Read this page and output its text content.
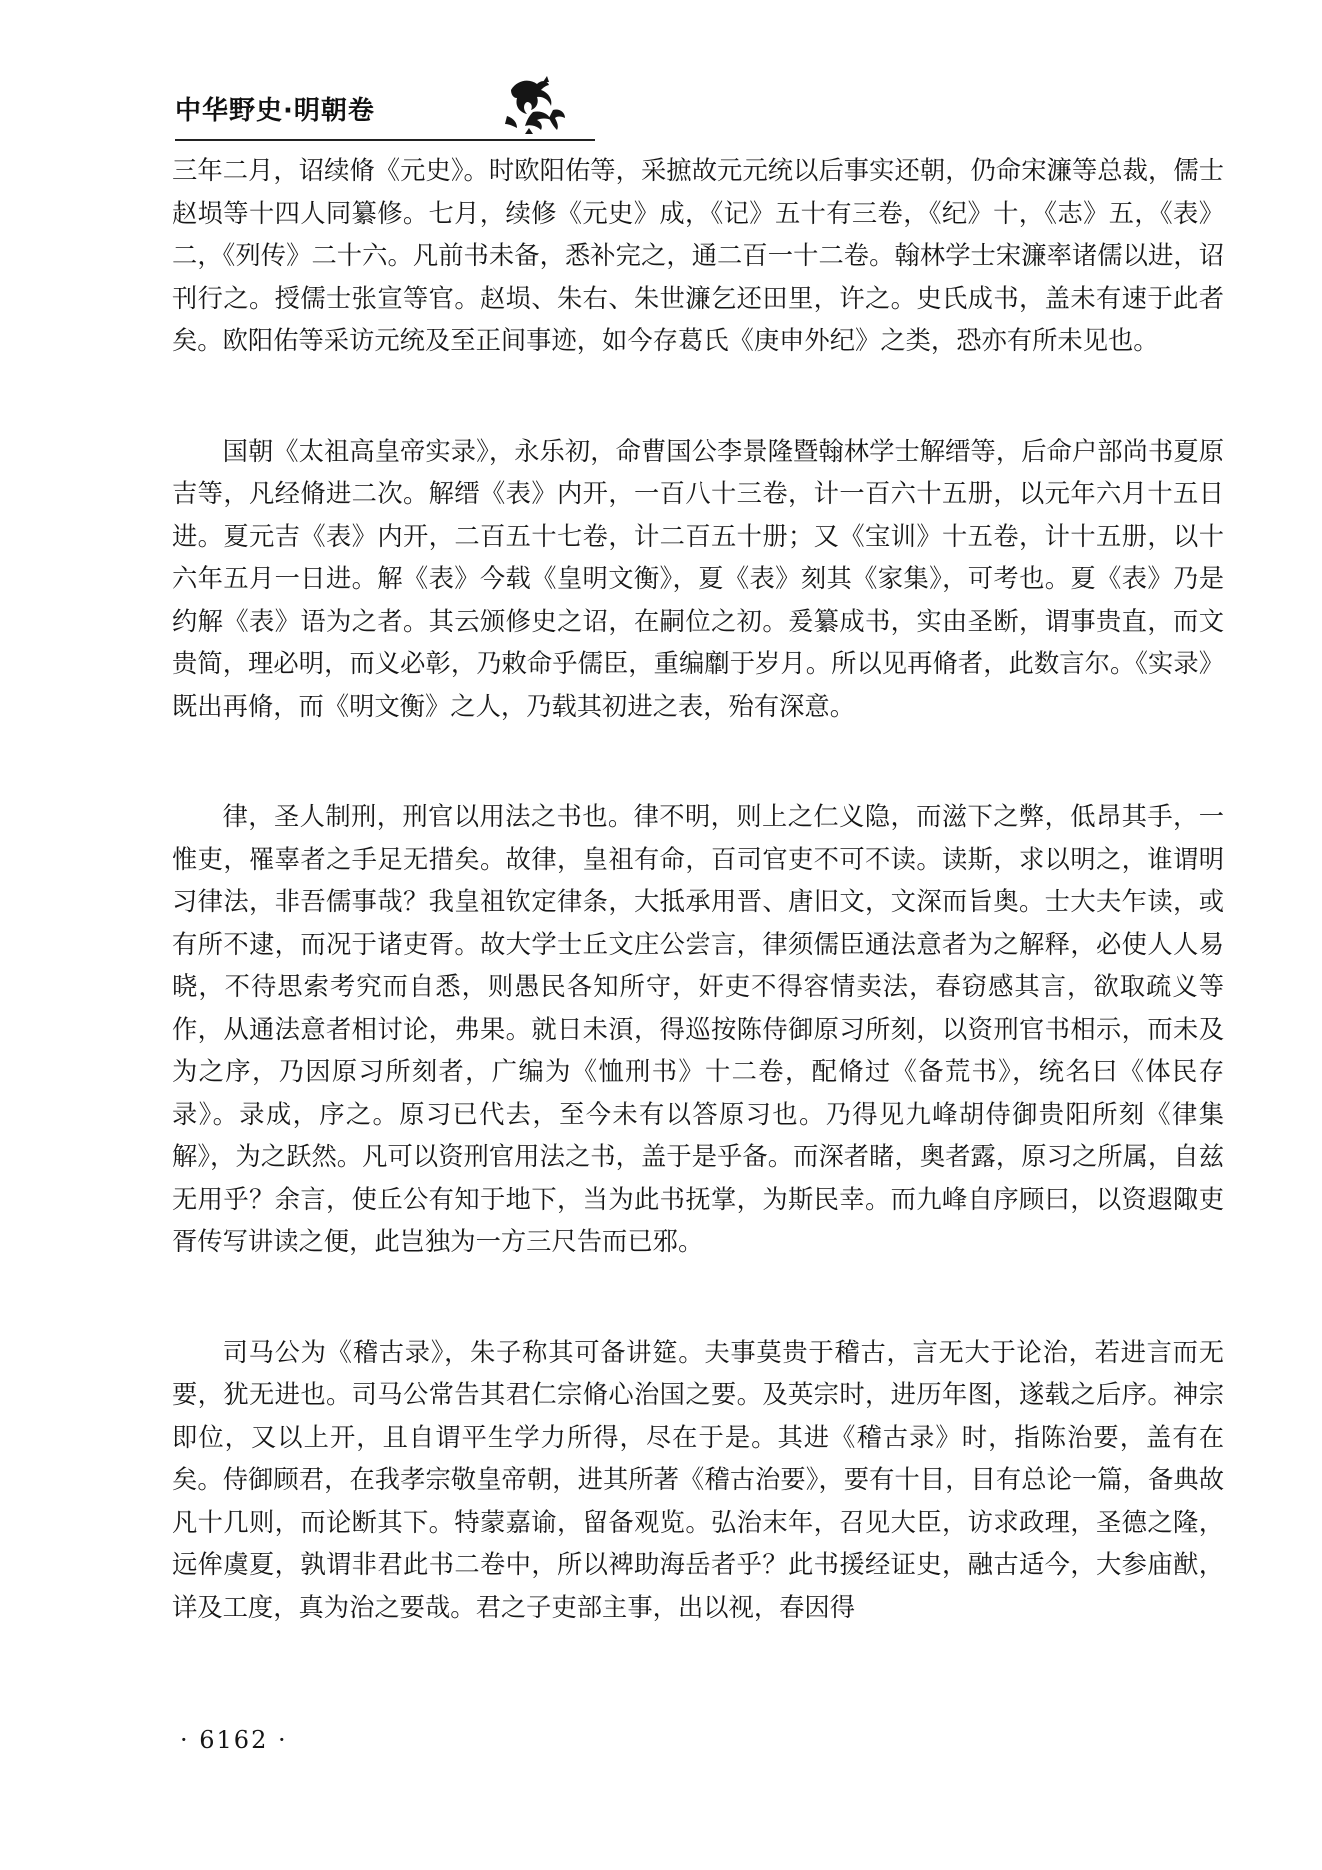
中华野史·明朝卷

三年二月，诏续脩《元史》。时欧阳佑等，采摭故元元统以后事实还朝，仍命宋濂等总裁，儒士赵埙等十四人同纂修。七月，续修《元史》成，《记》五十有三卷，《纪》十，《志》五，《表》二，《列传》二十六。凡前书未备，悉补完之，通二百一十二卷。翰林学士宋濂率诸儒以进，诏刊行之。授儒士张宣等官。赵埙、朱右、朱世濂乞还田里，许之。史氏成书，盖未有速于此者矣。欧阳佑等采访元统及至正间事迹，如今存葛氏《庚申外纪》之类，恐亦有所未见也。

国朝《太祖高皇帝实录》，永乐初，命曹国公李景隆暨翰林学士解缙等，后命户部尚书夏原吉等，凡经脩进二次。解缙《表》内开，一百八十三卷，计一百六十五册，以元年六月十五日进。夏元吉《表》内开，二百五十七卷，计二百五十册；又《宝训》十五卷，计十五册，以十六年五月一日进。解《表》今载《皇明文衡》，夏《表》刻其《家集》，可考也。夏《表》乃是约解《表》语为之者。其云颁修史之诏，在嗣位之初。爰纂成书，实由圣断，谓事贵直，而文贵简，理必明，而义必彰，乃敕命乎儒臣，重编劘于岁月。所以见再脩者，此数言尔。《实录》既出再脩，而《明文衡》之人，乃载其初进之表，殆有深意。

律，圣人制刑，刑官以用法之书也。律不明，则上之仁义隐，而滋下之弊，低昂其手，一惟吏，罹辜者之手足无措矣。故律，皇祖有命，百司官吏不可不读。读斯，求以明之，谁谓明习律法，非吾儒事哉？我皇祖钦定律条，大抵承用晋、唐旧文，文深而旨奥。士大夫乍读，或有所不逮，而况于诸吏胥。故大学士丘文庄公尝言，律须儒臣通法意者为之解释，必使人人易晓，不待思索考究而自悉，则愚民各知所守，奸吏不得容情卖法，春窃感其言，欲取疏义等作，从通法意者相讨论，弗果。就日未湏，得巡按陈侍御原习所刻，以资刑官书相示，而未及为之序，乃因原习所刻者，广编为《恤刑书》十二卷，配脩过《备荒书》，统名曰《体民存录》。录成，序之。原习已代去，至今未有以答原习也。乃得见九峰胡侍御贵阳所刻《律集解》，为之跃然。凡可以资刑官用法之书，盖于是乎备。而深者睹，奥者露，原习之所属，自兹无用乎？余言，使丘公有知于地下，当为此书抚掌，为斯民幸。而九峰自序顾曰，以资遐陬吏胥传写讲读之便，此岂独为一方三尺告而已邪。

司马公为《稽古录》，朱子称其可备讲筵。夫事莫贵于稽古，言无大于论治，若进言而无要，犹无进也。司马公常告其君仁宗脩心治国之要。及英宗时，进历年图，遂载之后序。神宗即位，又以上开，且自谓平生学力所得，尽在于是。其进《稽古录》时，指陈治要，盖有在矣。侍御顾君，在我孝宗敬皇帝朝，进其所著《稽古治要》，要有十目，目有总论一篇，备典故凡十几则，而论断其下。特蒙嘉谕，留备观览。弘治末年，召见大臣，访求政理，圣德之隆，远侔虞夏，孰谓非君此书二卷中，所以裨助海岳者乎？此书援经证史，融古适今，大参庙猷，详及工度，真为治之要哉。君之子吏部主事，出以视，春因得

· 6162 ·
